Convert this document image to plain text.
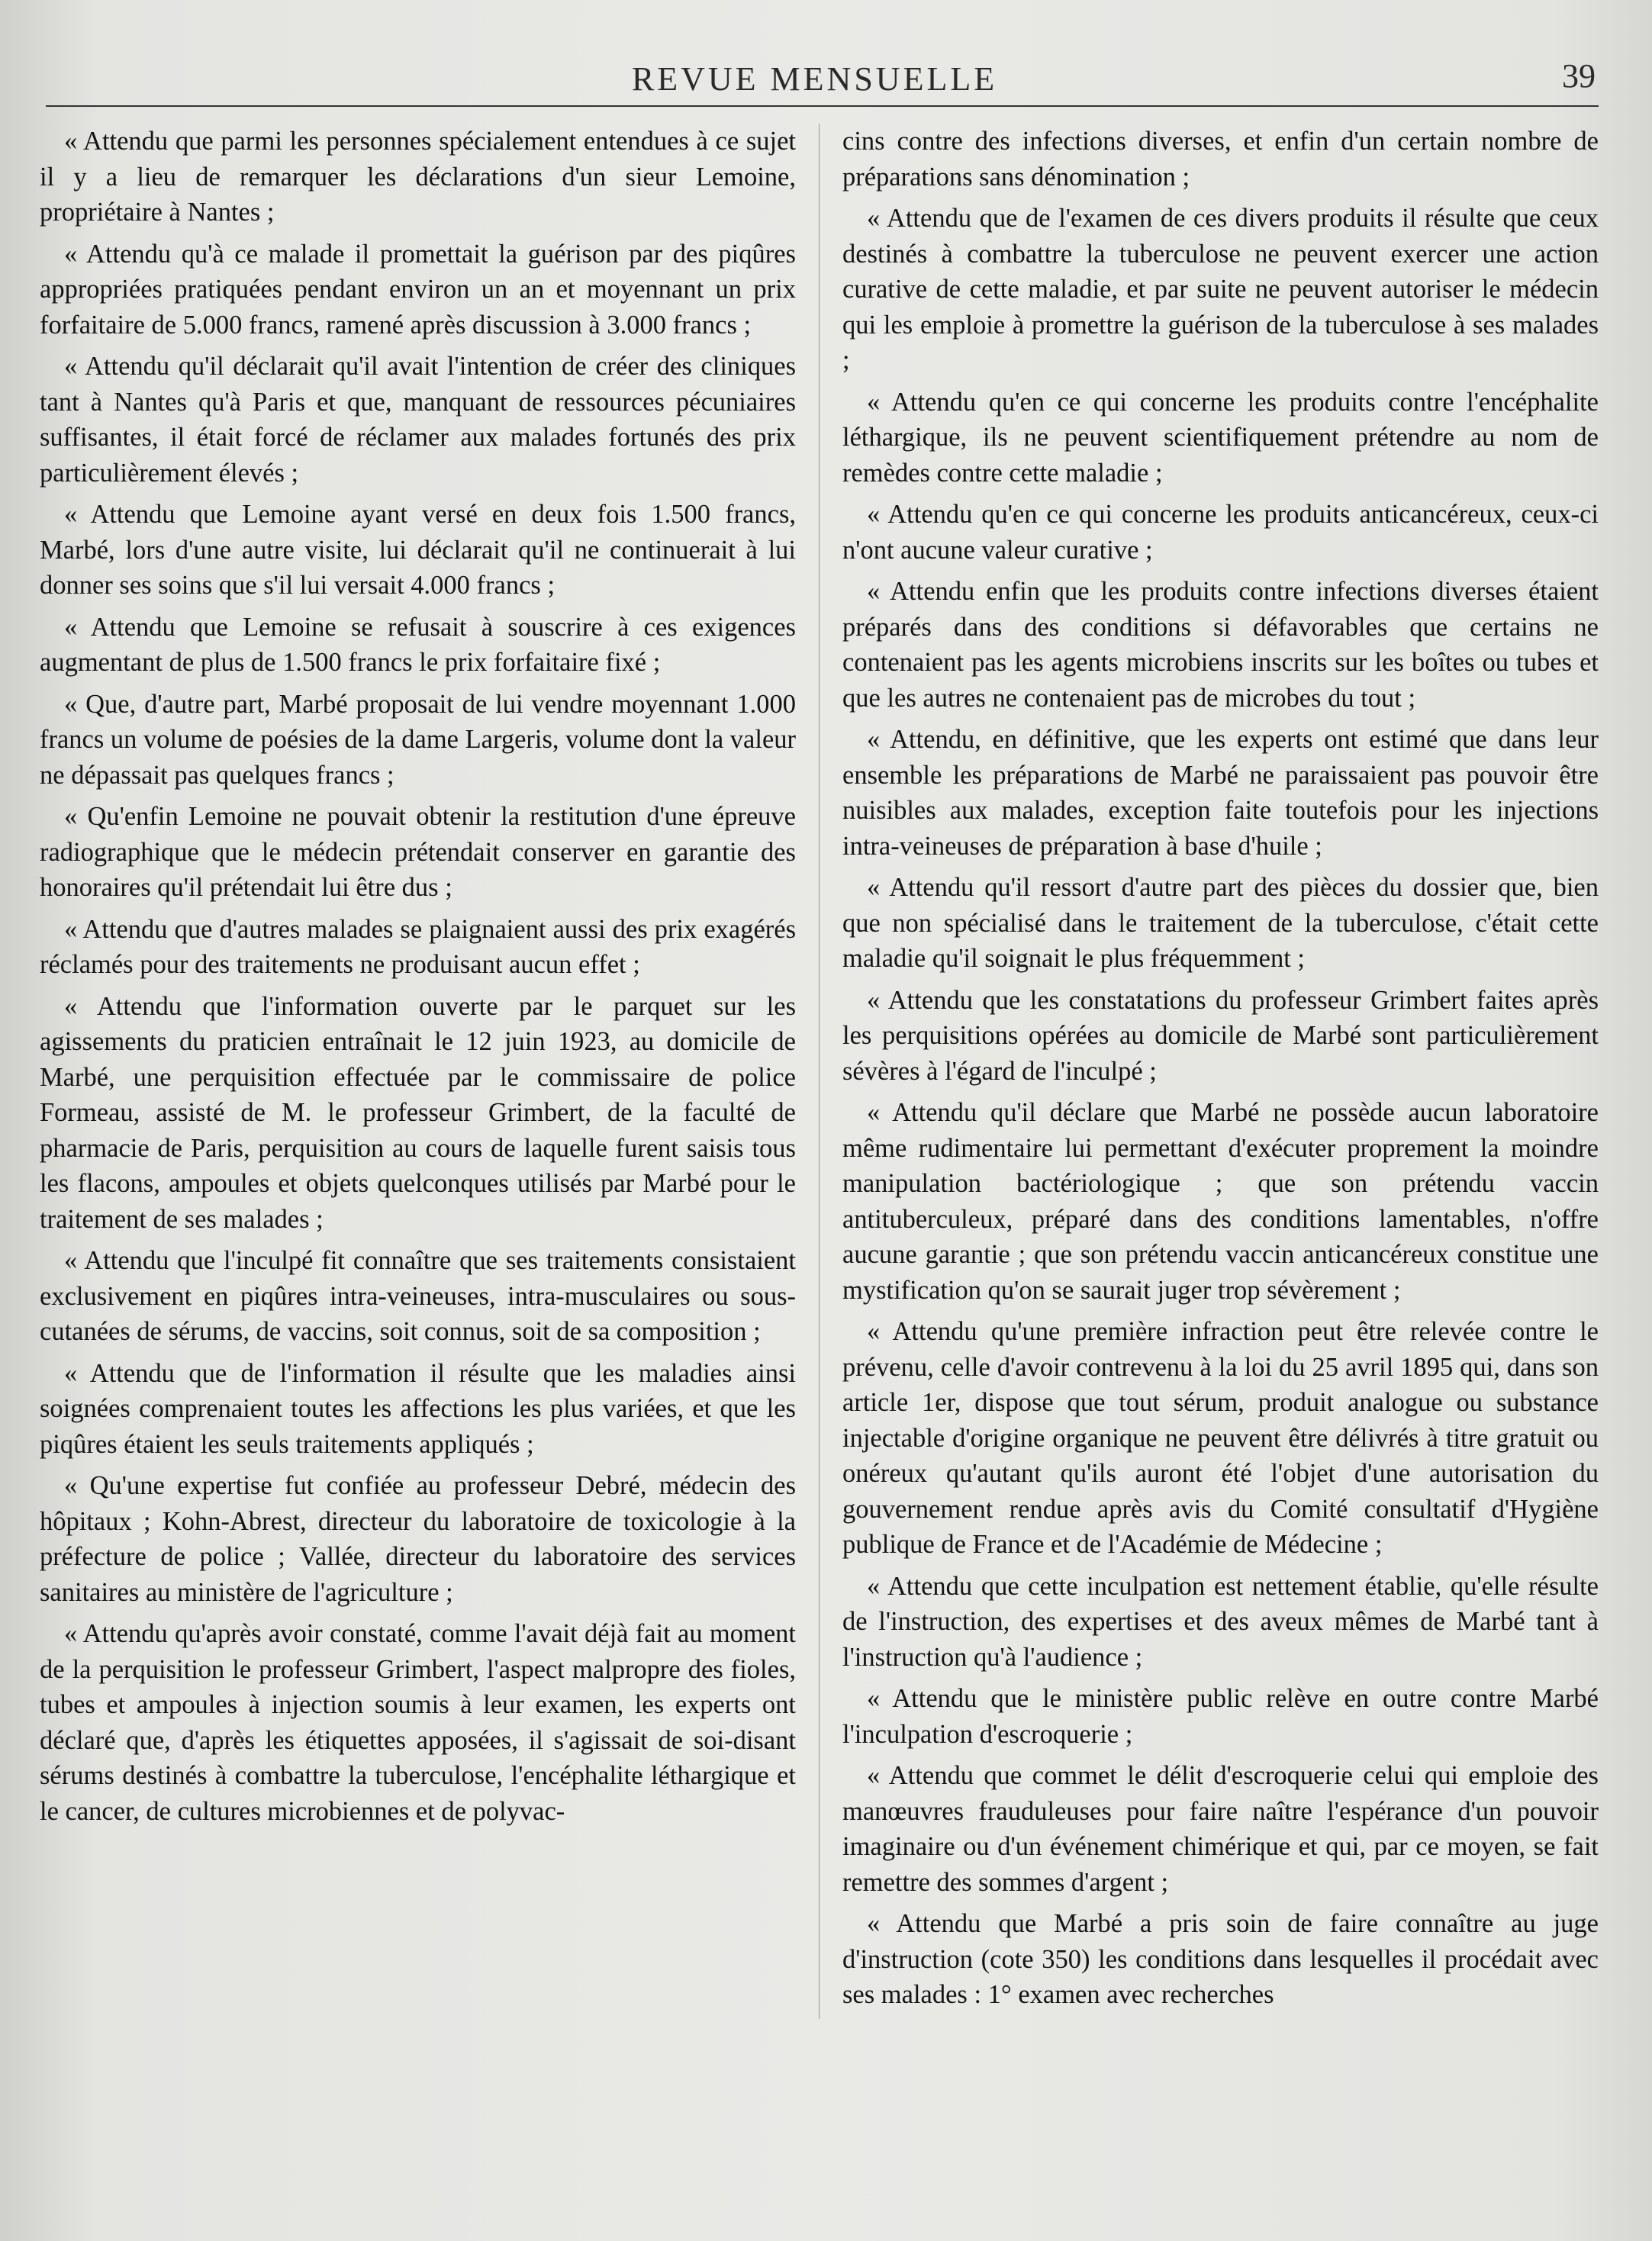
REVUE MENSUELLE	39

« Attendu que parmi les personnes spécialement entendues à ce sujet il y a lieu de remarquer les déclarations d'un sieur Lemoine, propriétaire à Nantes ;

« Attendu qu'à ce malade il promettait la guérison par des piqûres appropriées pratiquées pendant environ un an et moyennant un prix forfaitaire de 5.000 francs, ramené après discussion à 3.000 francs ;

« Attendu qu'il déclarait qu'il avait l'intention de créer des cliniques tant à Nantes qu'à Paris et que, manquant de ressources pécuniaires suffisantes, il était forcé de réclamer aux malades fortunés des prix particulièrement élevés ;

« Attendu que Lemoine ayant versé en deux fois 1.500 francs, Marbé, lors d'une autre visite, lui déclarait qu'il ne continuerait à lui donner ses soins que s'il lui versait 4.000 francs ;

« Attendu que Lemoine se refusait à souscrire à ces exigences augmentant de plus de 1.500 francs le prix forfaitaire fixé ;

« Que, d'autre part, Marbé proposait de lui vendre moyennant 1.000 francs un volume de poésies de la dame Largeris, volume dont la valeur ne dépassait pas quelques francs ;

« Qu'enfin Lemoine ne pouvait obtenir la restitution d'une épreuve radiographique que le médecin prétendait conserver en garantie des honoraires qu'il prétendait lui être dus ;

« Attendu que d'autres malades se plaignaient aussi des prix exagérés réclamés pour des traitements ne produisant aucun effet ;

« Attendu que l'information ouverte par le parquet sur les agissements du praticien entraînait le 12 juin 1923, au domicile de Marbé, une perquisition effectuée par le commissaire de police Formeau, assisté de M. le professeur Grimbert, de la faculté de pharmacie de Paris, perquisition au cours de laquelle furent saisis tous les flacons, ampoules et objets quelconques utilisés par Marbé pour le traitement de ses malades ;

« Attendu que l'inculpé fit connaître que ses traitements consistaient exclusivement en piqûres intra-veineuses, intra-musculaires ou sous-cutanées de sérums, de vaccins, soit connus, soit de sa composition ;

« Attendu que de l'information il résulte que les maladies ainsi soignées comprenaient toutes les affections les plus variées, et que les piqûres étaient les seuls traitements appliqués ;

« Qu'une expertise fut confiée au professeur Debré, médecin des hôpitaux ; Kohn-Abrest, directeur du laboratoire de toxicologie à la préfecture de police ; Vallée, directeur du laboratoire des services sanitaires au ministère de l'agriculture ;

« Attendu qu'après avoir constaté, comme l'avait déjà fait au moment de la perquisition le professeur Grimbert, l'aspect malpropre des fioles, tubes et ampoules à injection soumis à leur examen, les experts ont déclaré que, d'après les étiquettes apposées, il s'agissait de soi-disant sérums destinés à combattre la tuberculose, l'encéphalite léthargique et le cancer, de cultures microbiennes et de polyvac-

cins contre des infections diverses, et enfin d'un certain nombre de préparations sans dénomination ;

« Attendu que de l'examen de ces divers produits il résulte que ceux destinés à combattre la tuberculose ne peuvent exercer une action curative de cette maladie, et par suite ne peuvent autoriser le médecin qui les emploie à promettre la guérison de la tuberculose à ses malades ;

« Attendu qu'en ce qui concerne les produits contre l'encéphalite léthargique, ils ne peuvent scientifiquement prétendre au nom de remèdes contre cette maladie ;

« Attendu qu'en ce qui concerne les produits anticancéreux, ceux-ci n'ont aucune valeur curative ;

« Attendu enfin que les produits contre infections diverses étaient préparés dans des conditions si défavorables que certains ne contenaient pas les agents microbiens inscrits sur les boîtes ou tubes et que les autres ne contenaient pas de microbes du tout ;

« Attendu, en définitive, que les experts ont estimé que dans leur ensemble les préparations de Marbé ne paraissaient pas pouvoir être nuisibles aux malades, exception faite toutefois pour les injections intra-veineuses de préparation à base d'huile ;

« Attendu qu'il ressort d'autre part des pièces du dossier que, bien que non spécialisé dans le traitement de la tuberculose, c'était cette maladie qu'il soignait le plus fréquemment ;

« Attendu que les constatations du professeur Grimbert faites après les perquisitions opérées au domicile de Marbé sont particulièrement sévères à l'égard de l'inculpé ;

« Attendu qu'il déclare que Marbé ne possède aucun laboratoire même rudimentaire lui permettant d'exécuter proprement la moindre manipulation bactériologique ; que son prétendu vaccin antituberculeux, préparé dans des conditions lamentables, n'offre aucune garantie ; que son prétendu vaccin anticancéreux constitue une mystification qu'on se saurait juger trop sévèrement ;

« Attendu qu'une première infraction peut être relevée contre le prévenu, celle d'avoir contrevenu à la loi du 25 avril 1895 qui, dans son article 1er, dispose que tout sérum, produit analogue ou substance injectable d'origine organique ne peuvent être délivrés à titre gratuit ou onéreux qu'autant qu'ils auront été l'objet d'une autorisation du gouvernement rendue après avis du Comité consultatif d'Hygiène publique de France et de l'Académie de Médecine ;

« Attendu que cette inculpation est nettement établie, qu'elle résulte de l'instruction, des expertises et des aveux mêmes de Marbé tant à l'instruction qu'à l'audience ;

« Attendu que le ministère public relève en outre contre Marbé l'inculpation d'escroquerie ;

« Attendu que commet le délit d'escroquerie celui qui emploie des manœuvres frauduleuses pour faire naître l'espérance d'un pouvoir imaginaire ou d'un événement chimérique et qui, par ce moyen, se fait remettre des sommes d'argent ;

« Attendu que Marbé a pris soin de faire connaître au juge d'instruction (cote 350) les conditions dans lesquelles il procédait avec ses malades : 1° examen avec recherches
